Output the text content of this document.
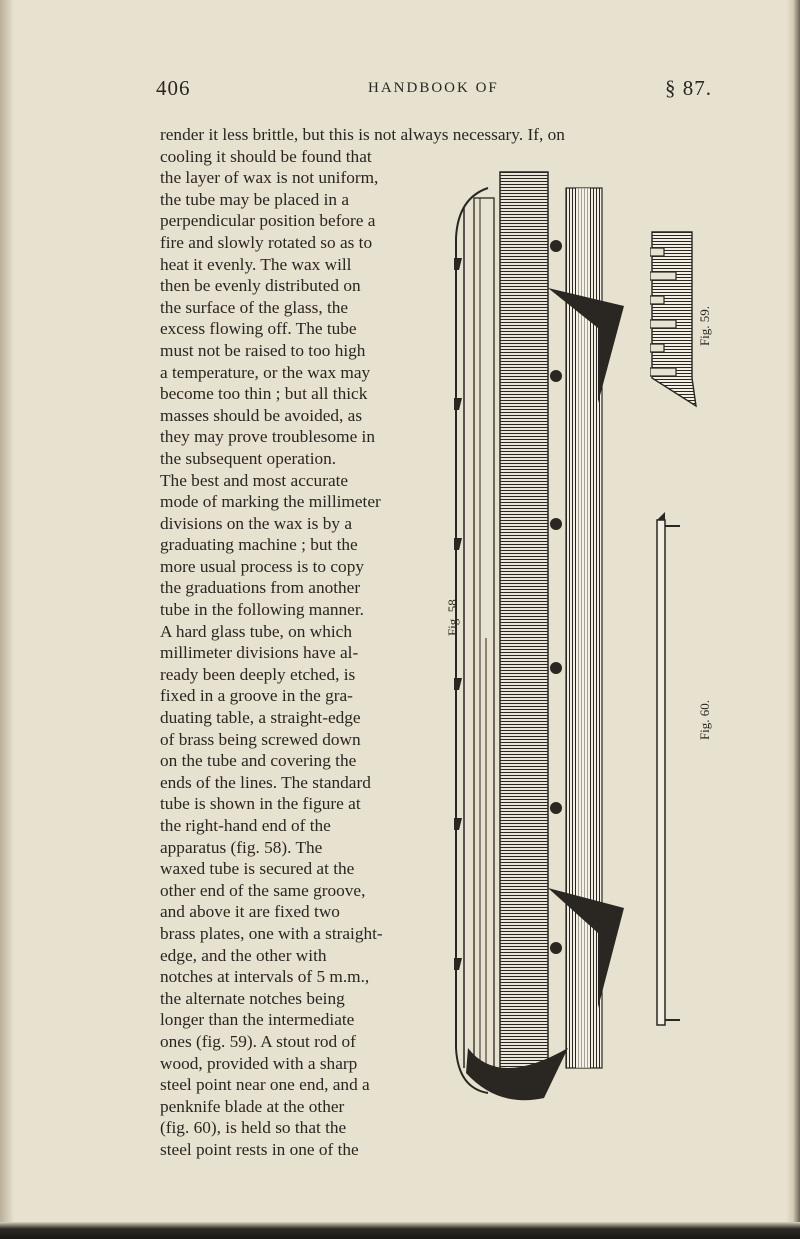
406	HANDBOOK OF	§ 87.
render it less brittle, but this is not always necessary. If, on
cooling it should be found that
the layer of wax is not uniform,
the tube may be placed in a
perpendicular position before a
fire and slowly rotated so as to
heat it evenly. The wax will
then be evenly distributed on
the surface of the glass, the
excess flowing off. The tube
must not be raised to too high
a temperature, or the wax may
become too thin ; but all thick
masses should be avoided, as
they may prove troublesome in
the subsequent operation.
The best and most accurate
mode of marking the millimeter
divisions on the wax is by a
graduating machine ; but the
more usual process is to copy
the graduations from another
tube in the following manner.
A hard glass tube, on which
millimeter divisions have al-
ready been deeply etched, is
fixed in a groove in the gra-
duating table, a straight-edge
of brass being screwed down
on the tube and covering the
ends of the lines. The standard
tube is shown in the figure at
the right-hand end of the
apparatus (fig. 58). The
waxed tube is secured at the
other end of the same groove,
and above it are fixed two
brass plates, one with a straight-
edge, and the other with
notches at intervals of 5 m.m.,
the alternate notches being
longer than the intermediate
ones (fig. 59). A stout rod of
wood, provided with a sharp
steel point near one end, and a
penknife blade at the other
(fig. 60), is held so that the
steel point rests in one of the
Fig. 58.
Fig. 59.
Fig. 60.
